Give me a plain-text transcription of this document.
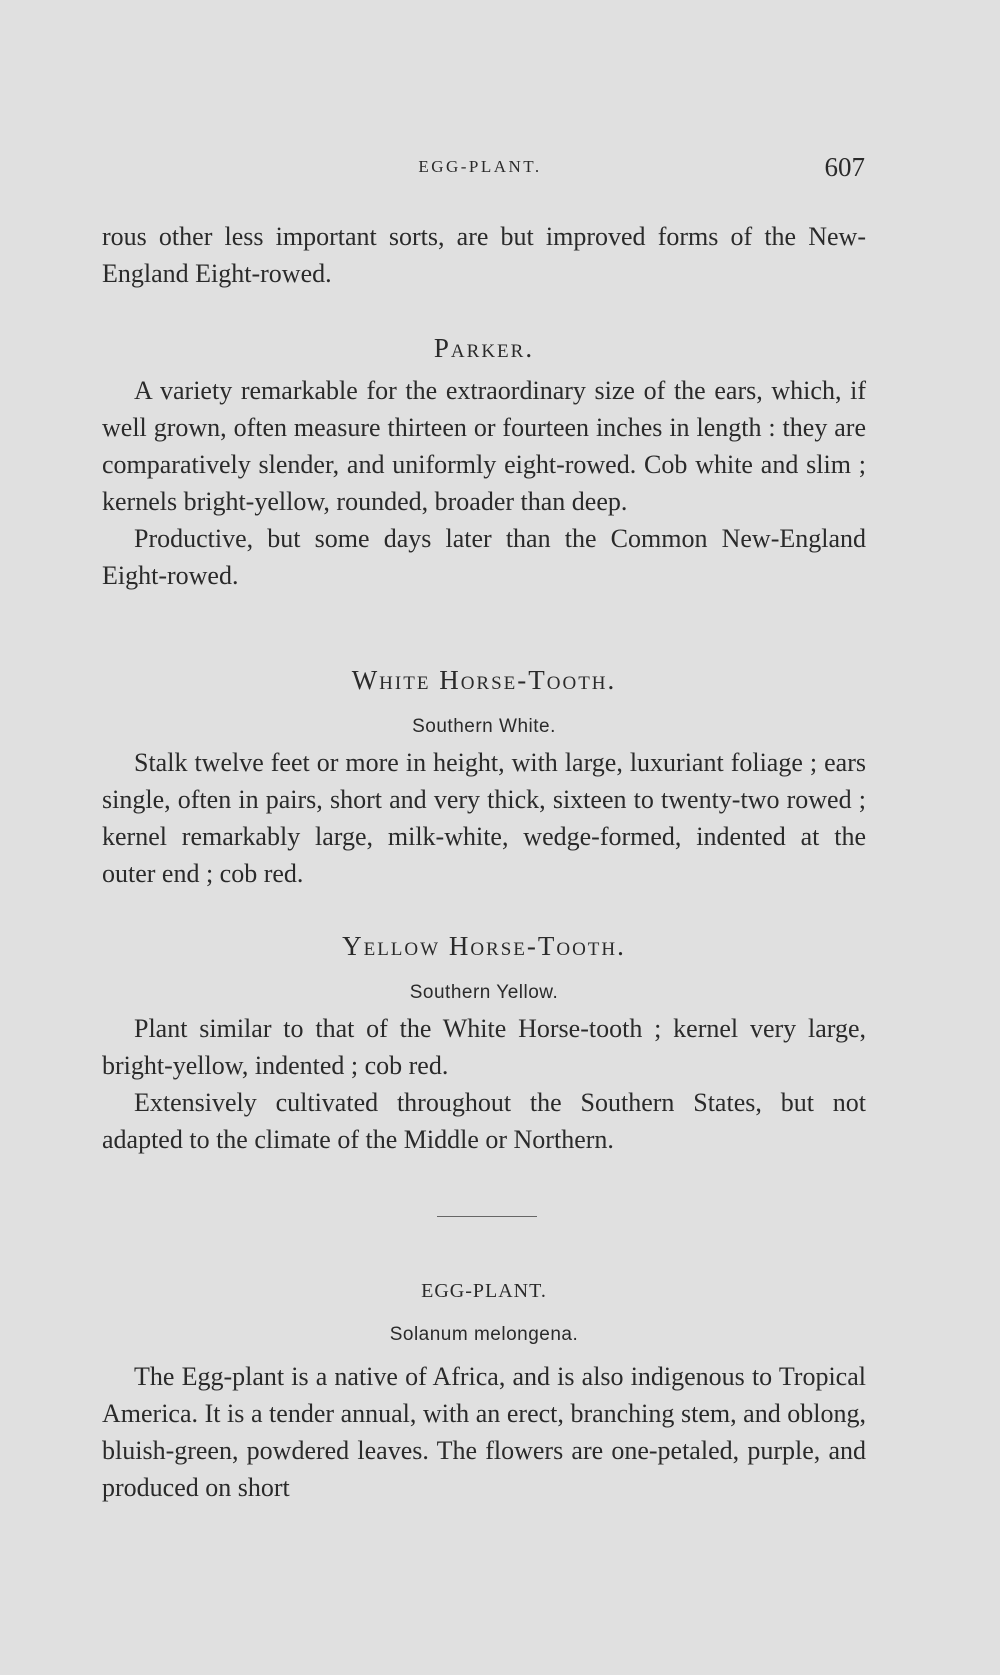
EGG-PLANT.	607

rous other less important sorts, are but improved forms of the New-England Eight-rowed.

Parker.

A variety remarkable for the extraordinary size of the ears, which, if well grown, often measure thirteen or fourteen inches in length : they are comparatively slender, and uniformly eight-rowed. Cob white and slim ; kernels bright-yellow, rounded, broader than deep.

Productive, but some days later than the Common New-England Eight-rowed.

White Horse-Tooth.

Southern White.

Stalk twelve feet or more in height, with large, luxuriant foliage ; ears single, often in pairs, short and very thick, sixteen to twenty-two rowed ; kernel remarkably large, milk-white, wedge-formed, indented at the outer end ; cob red.

Yellow Horse-Tooth.

Southern Yellow.

Plant similar to that of the White Horse-tooth ; kernel very large, bright-yellow, indented ; cob red.

Extensively cultivated throughout the Southern States, but not adapted to the climate of the Middle or Northern.

EGG-PLANT.

Solanum melongena.

The Egg-plant is a native of Africa, and is also indigenous to Tropical America. It is a tender annual, with an erect, branching stem, and oblong, bluish-green, powdered leaves. The flowers are one-petaled, purple, and produced on short
